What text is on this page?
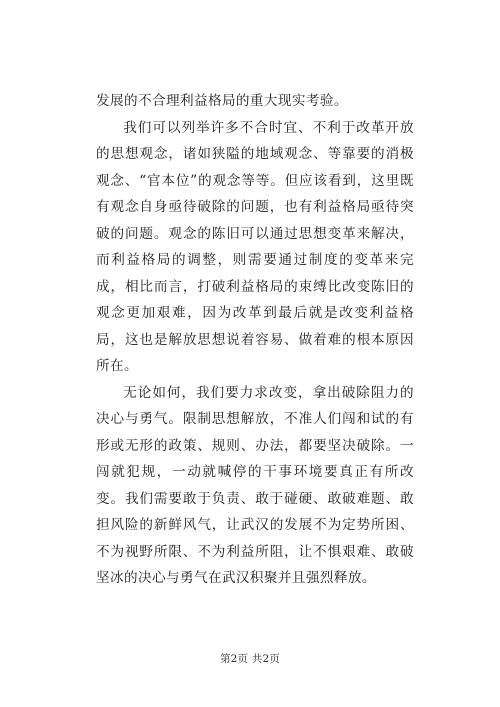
发展的不合理利益格局的重大现实考验。

我们可以列举许多不合时宜、不利于改革开放的思想观念，诸如狭隘的地域观念、等靠要的消极观念、“官本位”的观念等等。但应该看到，这里既有观念自身亟待破除的问题，也有利益格局亟待突破的问题。观念的陈旧可以通过思想变革来解决，而利益格局的调整，则需要通过制度的变革来完成，相比而言，打破利益格局的束缚比改变陈旧的观念更加艰难，因为改革到最后就是改变利益格局，这也是解放思想说着容易、做着难的根本原因所在。

无论如何，我们要力求改变，拿出破除阻力的决心与勇气。限制思想解放，不准人们闯和试的有形或无形的政策、规则、办法，都要坚决破除。一闯就犯规，一动就喊停的干事环境要真正有所改变。我们需要敢于负责、敢于碰硬、敢破难题、敢担风险的新鲜风气，让武汉的发展不为定势所困、不为视野所限、不为利益所阻，让不惧艰难、敢破坚冰的决心与勇气在武汉积聚并且强烈释放。

第2页 共2页
